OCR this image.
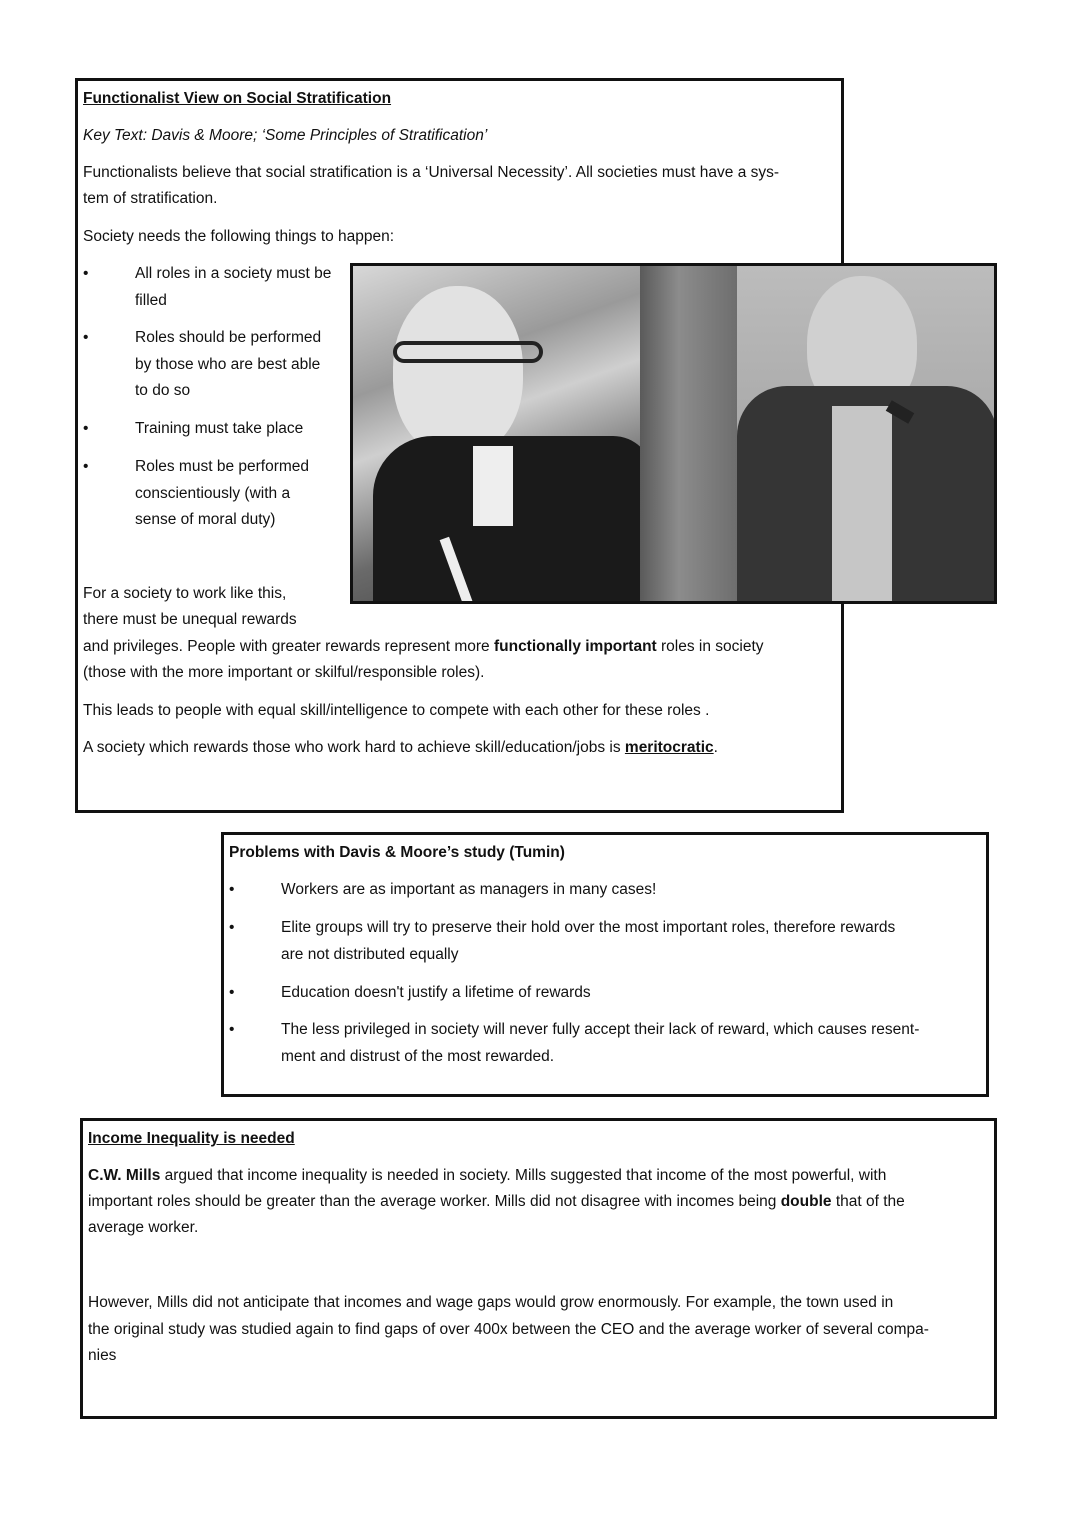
Functionalist View on Social Stratification
Key Text: Davis & Moore; ‘Some Principles of Stratification’
Functionalists believe that social stratification is a ‘Universal Necessity’. All societies must have a sys-
tem of stratification.
Society needs the following things to happen:
•	All roles in a society must be
filled
•	Roles should be performed
by those who are best able
to do so
•	Training must take place
•	Roles must be performed
conscientiously (with a
sense of moral duty)
For a society to work like this,
there must be unequal rewards
and privileges. People with greater rewards represent more functionally important roles in society
(those with the more important or skilful/responsible roles).
This leads to people with equal skill/intelligence to compete with each other for these roles .
A society which rewards those who work hard to achieve skill/education/jobs is meritocratic.
Problems with Davis & Moore’s study (Tumin)
•	Workers are as important as managers in many cases!
•	Elite groups will try to preserve their hold over the most important roles, therefore rewards
are not distributed equally
•	Education doesn't justify a lifetime of rewards
•	The less privileged in society will never fully accept their lack of reward, which causes resent-
ment and distrust of the most rewarded.
Income Inequality is needed
C.W. Mills argued that income inequality is needed in society. Mills suggested that income of the most powerful, with
important roles should be greater than the average worker. Mills did not disagree with incomes being double that of the
average worker.
However, Mills did not anticipate that incomes and wage gaps would grow enormously. For example, the town used in
the original study was studied again to find gaps of over 400x between the CEO and the average worker of several compa-
nies
